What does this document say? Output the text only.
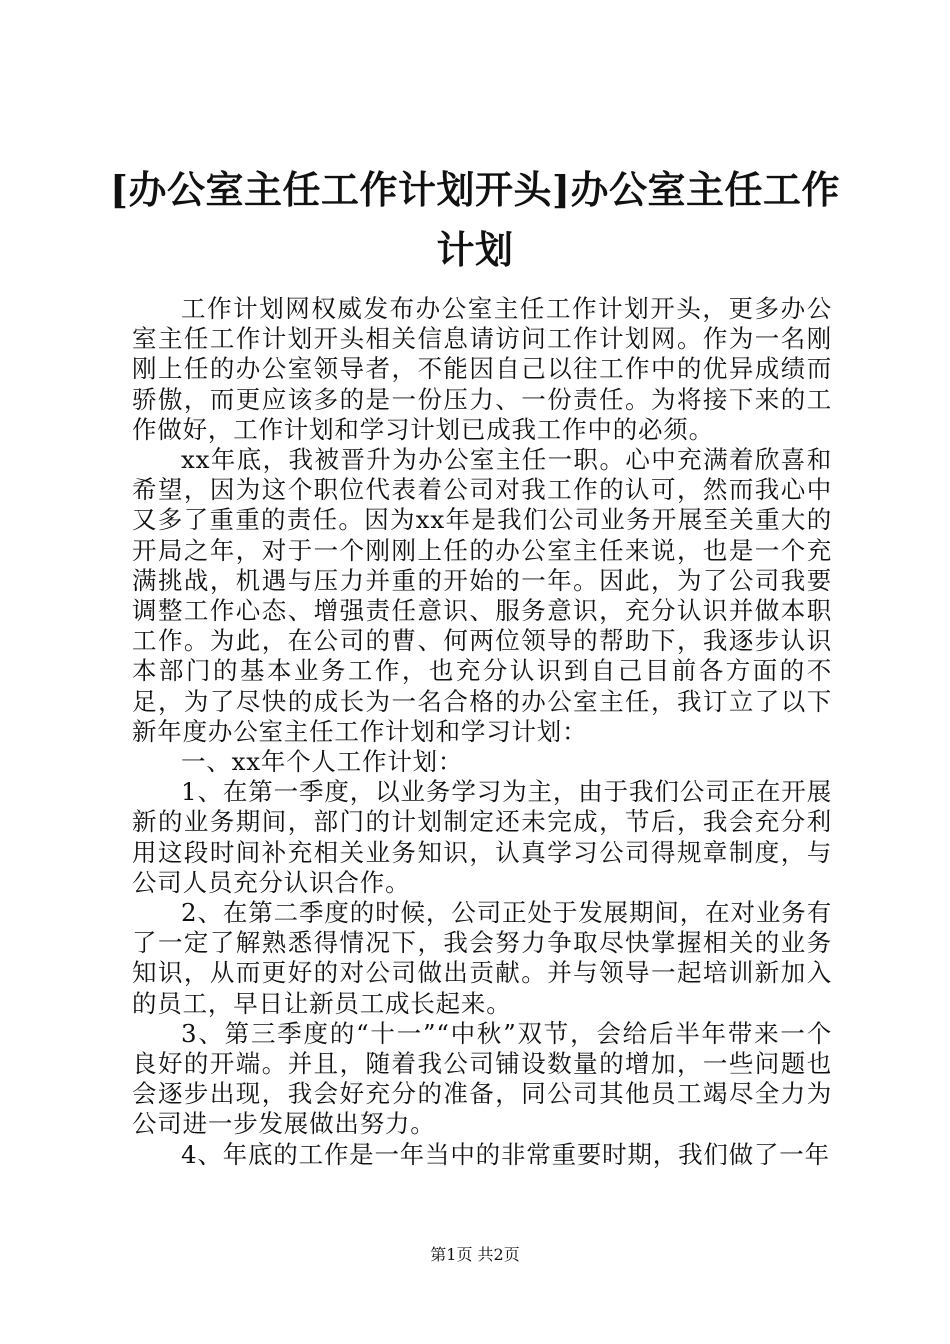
[办公室主任工作计划开头]办公室主任工作计划

工作计划网权威发布办公室主任工作计划开头，更多办公室主任工作计划开头相关信息请访问工作计划网。作为一名刚刚上任的办公室领导者，不能因自己以往工作中的优异成绩而骄傲，而更应该多的是一份压力、一份责任。为将接下来的工作做好，工作计划和学习计划已成我工作中的必须。

xx年底，我被晋升为办公室主任一职。心中充满着欣喜和希望，因为这个职位代表着公司对我工作的认可，然而我心中又多了重重的责任。因为xx年是我们公司业务开展至关重大的开局之年，对于一个刚刚上任的办公室主任来说，也是一个充满挑战，机遇与压力并重的开始的一年。因此，为了公司我要调整工作心态、增强责任意识、服务意识，充分认识并做本职工作。为此，在公司的曹、何两位领导的帮助下，我逐步认识本部门的基本业务工作，也充分认识到自己目前各方面的不足，为了尽快的成长为一名合格的办公室主任，我订立了以下新年度办公室主任工作计划和学习计划：

一、xx年个人工作计划：

1、在第一季度，以业务学习为主，由于我们公司正在开展新的业务期间，部门的计划制定还未完成，节后，我会充分利用这段时间补充相关业务知识，认真学习公司得规章制度，与公司人员充分认识合作。

2、在第二季度的时候，公司正处于发展期间，在对业务有了一定了解熟悉得情况下，我会努力争取尽快掌握相关的业务知识，从而更好的对公司做出贡献。并与领导一起培训新加入的员工，早日让新员工成长起来。

3、第三季度的“十一”“中秋”双节，会给后半年带来一个良好的开端。并且，随着我公司铺设数量的增加，一些问题也会逐步出现，我会好充分的准备，同公司其他员工竭尽全力为公司进一步发展做出努力。

4、年底的工作是一年当中的非常重要时期，我们做了一年

第1页 共2页
